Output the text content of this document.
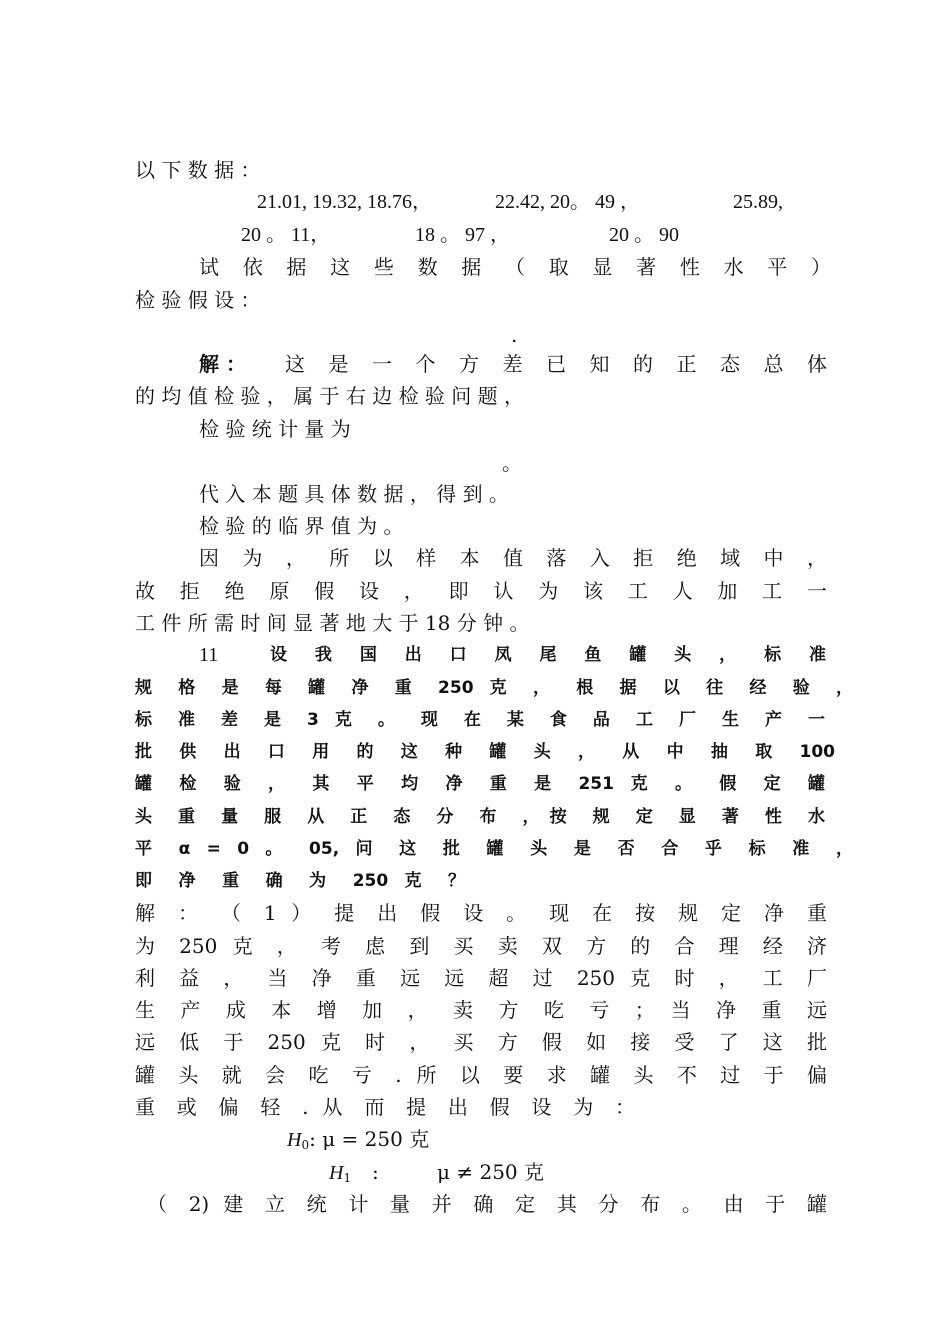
以 下 数 据 ：
21.01, 19.32, 18.76，	22.42, 20。 49 ，	25.89,
20 。 11，	18 。 97 ，	20 。 90
试 依 据 这 些 数 据 （ 取 显 著 性 水 平 ）
检 验 假 设 ：
.
解 ： 这 是 一 个 方 差 已 知 的 正 态 总 体
的 均 值 检 验 ， 属 于 右 边 检 验 问 题 ，
检 验 统 计 量 为
。
代 入 本 题 具 体 数 据 ， 得 到 。
检 验 的 临 界 值 为 。
因 为 ， 所 以 样 本 值 落 入 拒 绝 域 中 ，
故 拒 绝 原 假 设 ， 即 认 为 该 工 人 加 工 一
工 件 所 需 时 间 显 著 地 大 于 18 分 钟 。
11	设 我 国 出 口 凤 尾 鱼 罐 头 ， 标 准
规 格 是 每 罐 净 重 250 克 ， 根 据 以 往 经 验 ，
标 准 差 是 3 克 。 现 在 某 食 品 工 厂 生 产 一
批 供 出 口 用 的 这 种 罐 头 ， 从 中 抽 取 100
罐 检 验 ， 其 平 均 净 重 是 251 克 。 假 定 罐
头 重 量 服 从 正 态 分 布 ，按 规 定 显 著 性 水
平 α = 0 。 05, 问 这 批 罐 头 是 否 合 乎 标 准 ，
即 净 重 确 为 250 克 ？
解 ： （ 1 ） 提 出 假 设 。 现 在 按 规 定 净 重
为 250 克 ， 考 虑 到 买 卖 双 方 的 合 理 经 济
利 益 ， 当 净 重 远 远 超 过 250 克 时 ， 工 厂
生 产 成 本 增 加 ， 卖 方 吃 亏 ； 当 净 重 远
远 低 于 250 克 时 ， 买 方 假 如 接 受 了 这 批
罐 头 就 会 吃 亏 . 所 以 要 求 罐 头 不 过 于 偏
重 或 偏 轻 . 从 而 提 出 假 设 为 ：
$H_0$: μ = 250 克
$H_1$ :	μ ≠ 250 克
（ 2) 建 立 统 计 量 并 确 定 其 分 布 。 由 于 罐
